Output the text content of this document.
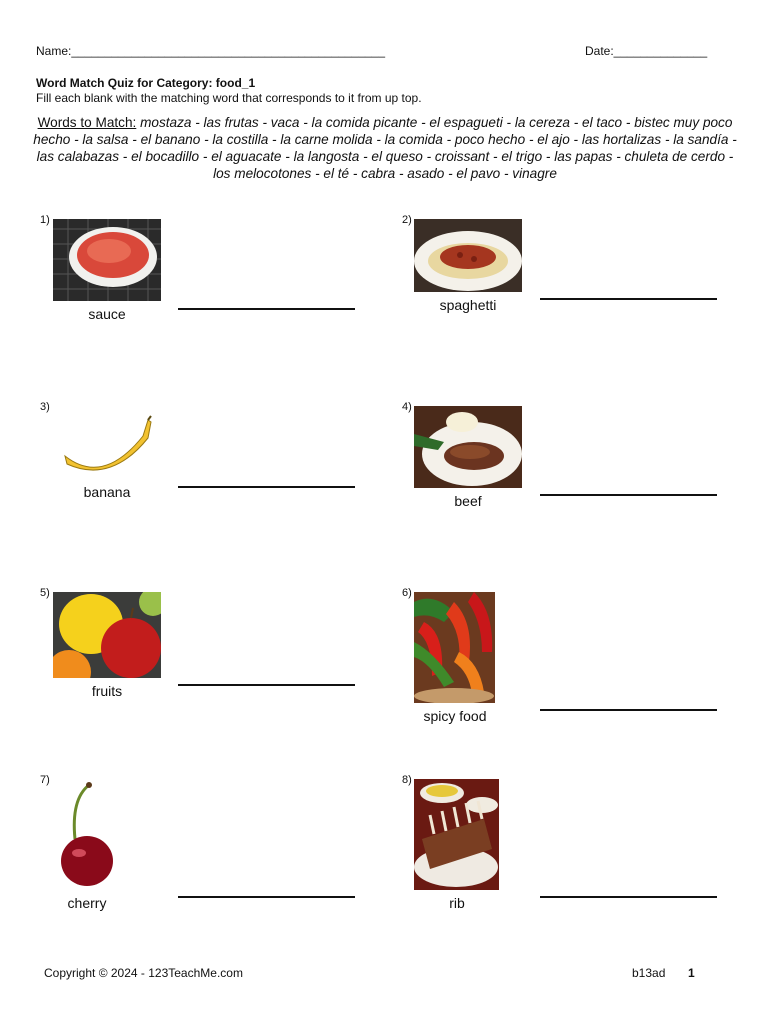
Name:_______________________________________________	Date:______________
Word Match Quiz for Category: food_1
Fill each blank with the matching word that corresponds to it from up top.
Words to Match: mostaza - las frutas - vaca - la comida picante - el espagueti - la cereza - el taco - bistec muy poco hecho - la salsa - el banano - la costilla - la carne molida - la comida - poco hecho - el ajo - las hortalizas - la sandía - las calabazas - el bocadillo - el aguacate - la langosta - el queso - croissant - el trigo - las papas - chuleta de cerdo - los melocotones - el té - cabra - asado - el pavo - vinagre
1)
sauce
2)
spaghetti
3)
banana
4)
beef
5)
fruits
6)
spicy food
7)
cherry
8)
rib
Copyright © 2024 - 123TeachMe.com	b13ad 1
